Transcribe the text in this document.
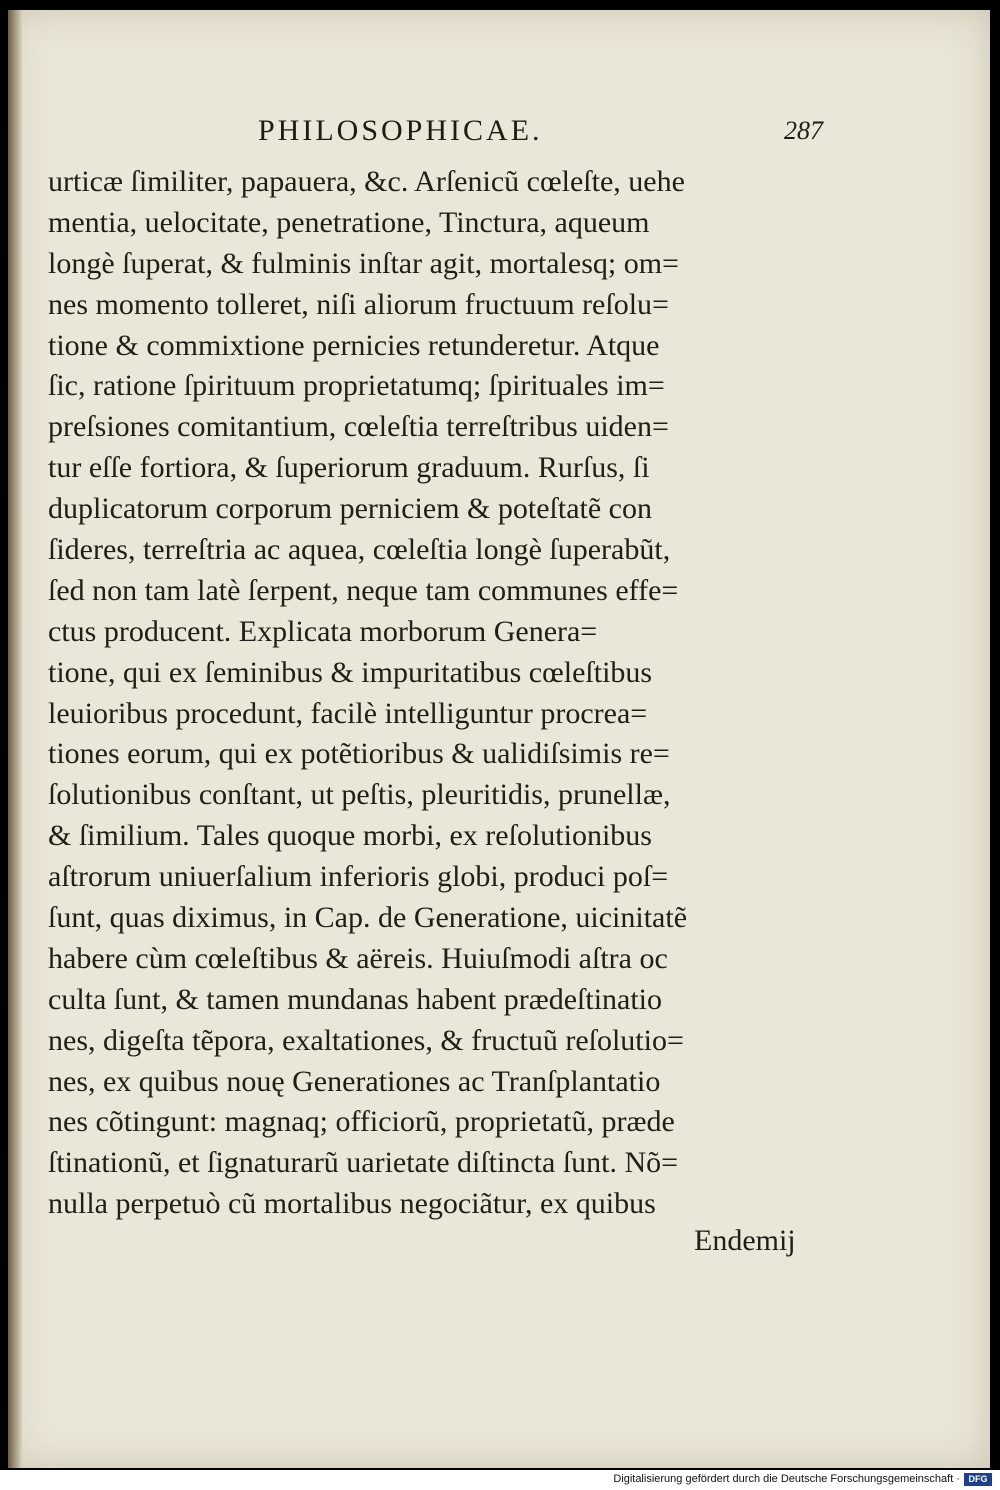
PHILOSOPHICAE.	287
urticæ ſimiliter, papauera, &c. Arſenicũ cœleſte, uehe
mentia, uelocitate, penetratione, Tinctura, aqueum
longè ſuperat, & fulminis inſtar agit, mortalesq; om=
nes momento tolleret, niſi aliorum fructuum reſolu=
tione & commixtione pernicies retunderetur. Atque
ſic, ratione ſpirituum proprietatumq; ſpirituales im=
preſsiones comitantium, cœleſtia terreſtribus uiden=
tur eſſe fortiora, & ſuperiorum graduum. Rurſus, ſi
duplicatorum corporum perniciem & poteſtatẽ con
ſideres, terreſtria ac aquea, cœleſtia longè ſuperabũt,
ſed non tam latè ſerpent, neque tam communes effe=
ctus producent. Explicata morborum Genera=
tione, qui ex ſeminibus & impuritatibus cœleſtibus
leuioribus procedunt, facilè intelliguntur procrea=
tiones eorum, qui ex potẽtioribus & ualidiſsimis re=
ſolutionibus conſtant, ut peſtis, pleuritidis, prunellæ,
& ſimilium. Tales quoque morbi, ex reſolutionibus
aſtrorum uniuerſalium inferioris globi, produci poſ=
ſunt, quas diximus, in Cap. de Generatione, uicinitatẽ
habere cùm cœleſtibus & aëreis. Huiuſmodi aſtra oc
culta ſunt, & tamen mundanas habent prædeſtinatio
nes, digeſta tẽpora, exaltationes, & fructuũ reſolutio=
nes, ex quibus nouę Generationes ac Tranſplantatio
nes cõtingunt: magnaq; officiorũ, proprietatũ, præde
ſtinationũ, et ſignaturarũ uarietate diſtincta ſunt. Nõ=
nulla perpetuò cũ mortalibus negociãtur, ex quibus
Endemij
Digitalisierung gefördert durch die Deutsche Forschungsgemeinschaft · DFG
